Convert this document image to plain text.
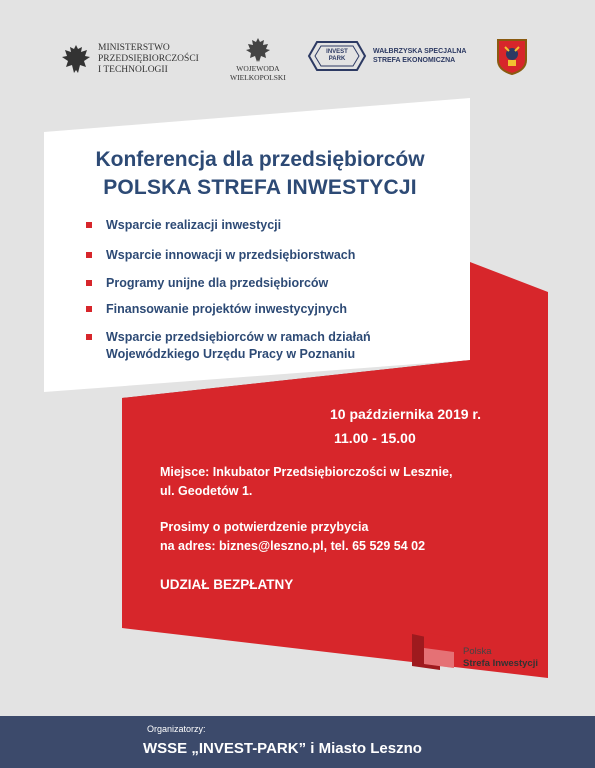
MINISTERSTWO
PRZEDSIĘBIORCZOŚCI
I TECHNOLOGII	WOJEWODA
WIELKOPOLSKI
INVEST PARK
WAŁBRZYSKA SPECJALNA
STREFA EKONOMICZNA
Konferencja dla przedsiębiorców
POLSKA STREFA INWESTYCJI
Wsparcie realizacji inwestycji
Wsparcie innowacji w przedsiębiorstwach
Programy unijne dla przedsiębiorców
Finansowanie projektów inwestycyjnych
Wsparcie przedsiębiorców w ramach działań Wojewódzkiego Urzędu Pracy w Poznaniu
10 października 2019 r.
11.00 - 15.00
Miejsce: Inkubator Przedsiębiorczości w Lesznie,
ul. Geodetów 1.
Prosimy o potwierdzenie przybycia
na adres: biznes@leszno.pl, tel. 65 529 54 02
UDZIAŁ BEZPŁATNY
Polska
Strefa Inwestycji
Organizatorzy:
WSSE „INVEST-PARK” i Miasto Leszno
